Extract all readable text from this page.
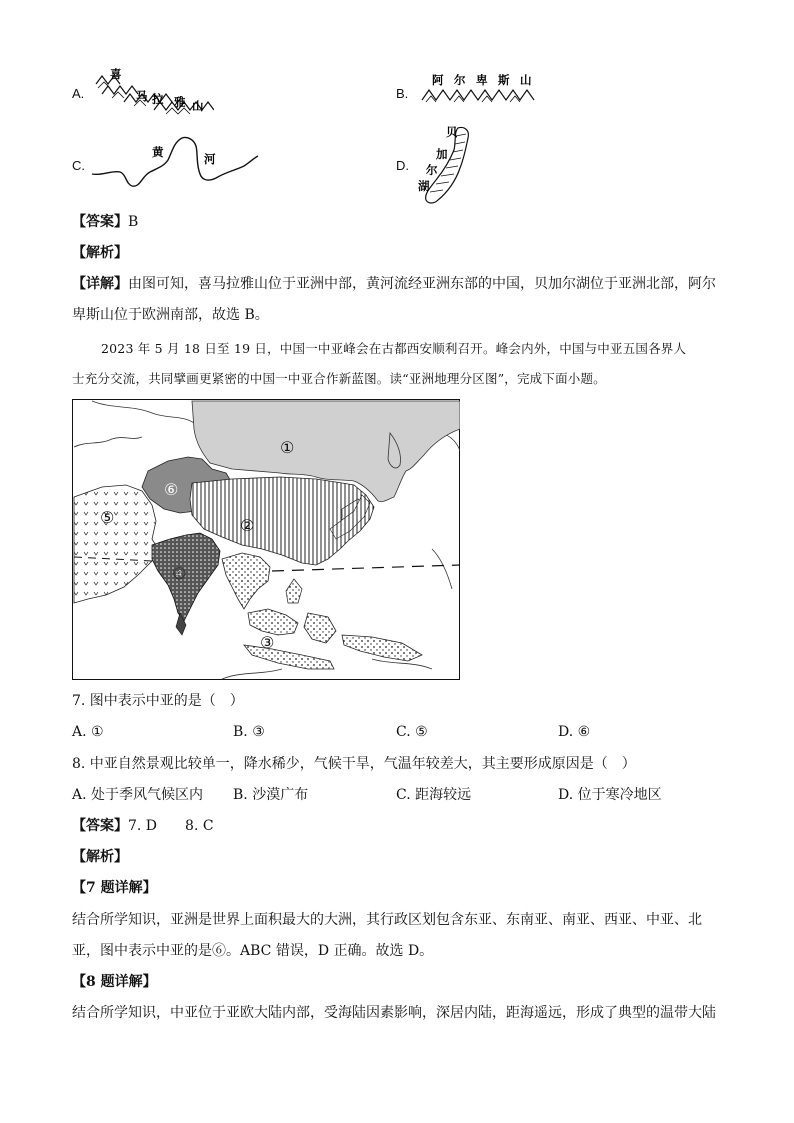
A.
喜
马 拉 雅 山
B.
阿 尔 卑 斯 山
C.
黄	河	D.
贝
加
尔
湖
【答案】B
【解析】
【详解】由图可知，喜马拉雅山位于亚洲中部，黄河流经亚洲东部的中国，贝加尔湖位于亚洲北部，阿尔
卑斯山位于欧洲南部，故选 B。
2023 年 5 月 18 日至 19 日，中国一中亚峰会在古都西安顺利召开。峰会内外，中国与中亚五国各界人
士充分交流，共同擘画更紧密的中国一中亚合作新蓝图。读“亚洲地理分区图”，完成下面小题。
①
②
③
④
⑤
⑥
7. 图中表示中亚的是（　）
A. ①	B. ③	C. ⑤	D. ⑥
8. 中亚自然景观比较单一，降水稀少，气候干旱，气温年较差大，其主要形成原因是（　）
A. 处于季风气候区内 B. 沙漠广布	C. 距海较远	D. 位于寒冷地区
【答案】7. D　　8. C
【解析】
【7 题详解】
结合所学知识，亚洲是世界上面积最大的大洲，其行政区划包含东亚、东南亚、南亚、西亚、中亚、北
亚，图中表示中亚的是⑥。ABC 错误，D 正确。故选 D。
【8 题详解】
结合所学知识，中亚位于亚欧大陆内部，受海陆因素影响，深居内陆，距海遥远，形成了典型的温带大陆
